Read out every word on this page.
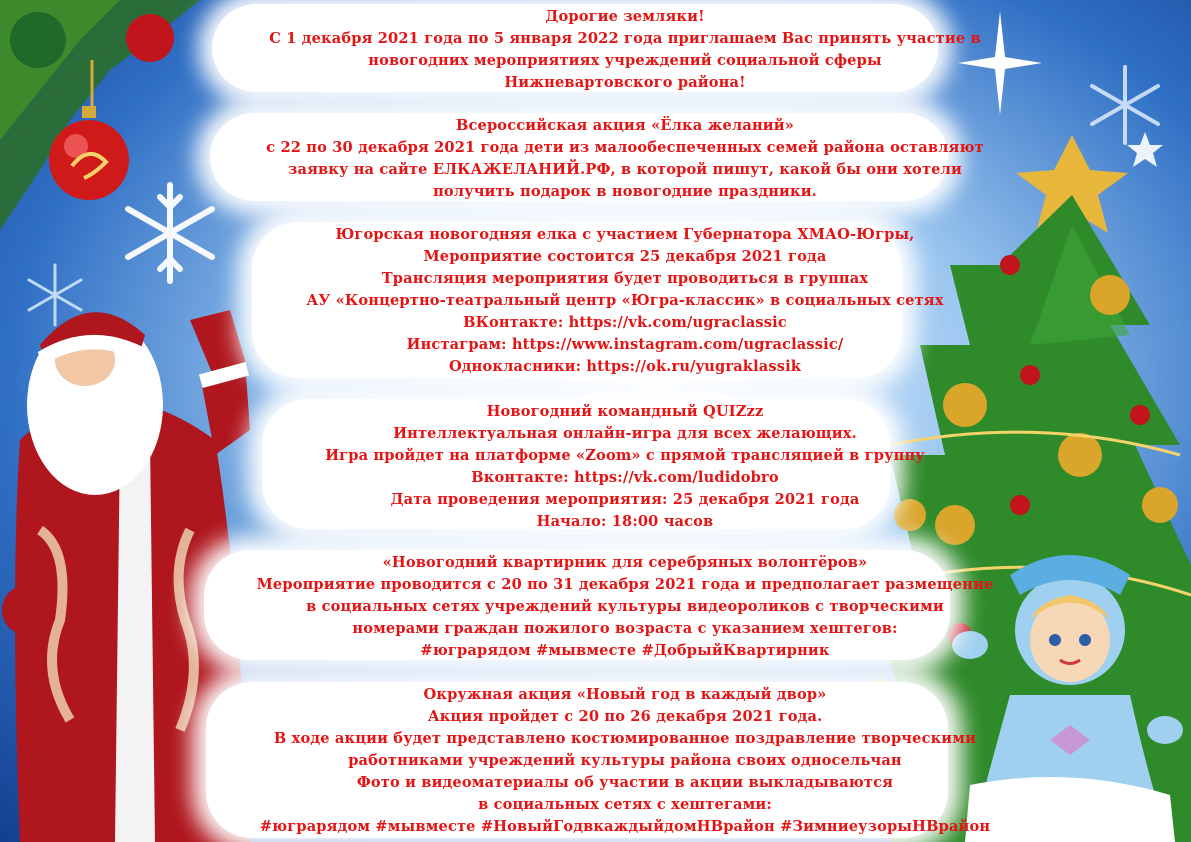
Дорогие земляки!
С 1 декабря 2021 года по 5 января 2022 года приглашаем Вас принять участие в
новогодних мероприятиях учреждений социальной сферы
Нижневартовского района!
Всероссийская акция «Ёлка желаний»
с 22 по 30 декабря 2021 года дети из малообеспеченных семей района оставляют
заявку на сайте ЕЛКАЖЕЛАНИЙ.РФ, в которой пишут, какой бы они хотели
получить подарок в новогодние праздники.
Югорская новогодняя елка с участием Губернатора ХМАО-Югры,
Мероприятие состоится 25 декабря 2021 года
Трансляция мероприятия будет проводиться в группах
АУ «Концертно-театральный центр «Югра-классик» в социальных сетях
ВКонтакте: https://vk.com/ugraclassic
Инстаграм: https://www.instagram.com/ugraclassic/
Однокласники: https://ok.ru/yugraklassik
Новогодний командный QUIZzz
Интеллектуальная онлайн-игра для всех желающих.
Игра пройдет на платформе «Zoom» с прямой трансляцией в группу
Вконтакте: https://vk.com/ludidobro
Дата проведения мероприятия: 25 декабря 2021 года
Начало: 18:00 часов
«Новогодний квартирник для серебряных волонтёров»
Мероприятие проводится с 20 по 31 декабря 2021 года и предполагает размещение
в социальных сетях учреждений культуры видеороликов с творческими
номерами граждан пожилого возраста с указанием хештегов:
#юграрядом #мывместе #ДобрыйКвартирник
Окружная акция «Новый год в каждый двор»
Акция пройдет с 20 по 26 декабря 2021 года.
В ходе акции будет представлено костюмированное поздравление творческими
работниками учреждений культуры района своих односельчан
Фото и видеоматериалы об участии в акции выкладываются
в социальных сетях с хештегами:
#юграрядом #мывместе #НовыйГодвкаждыйдомНВрайон #ЗимниеузорыНВрайон
